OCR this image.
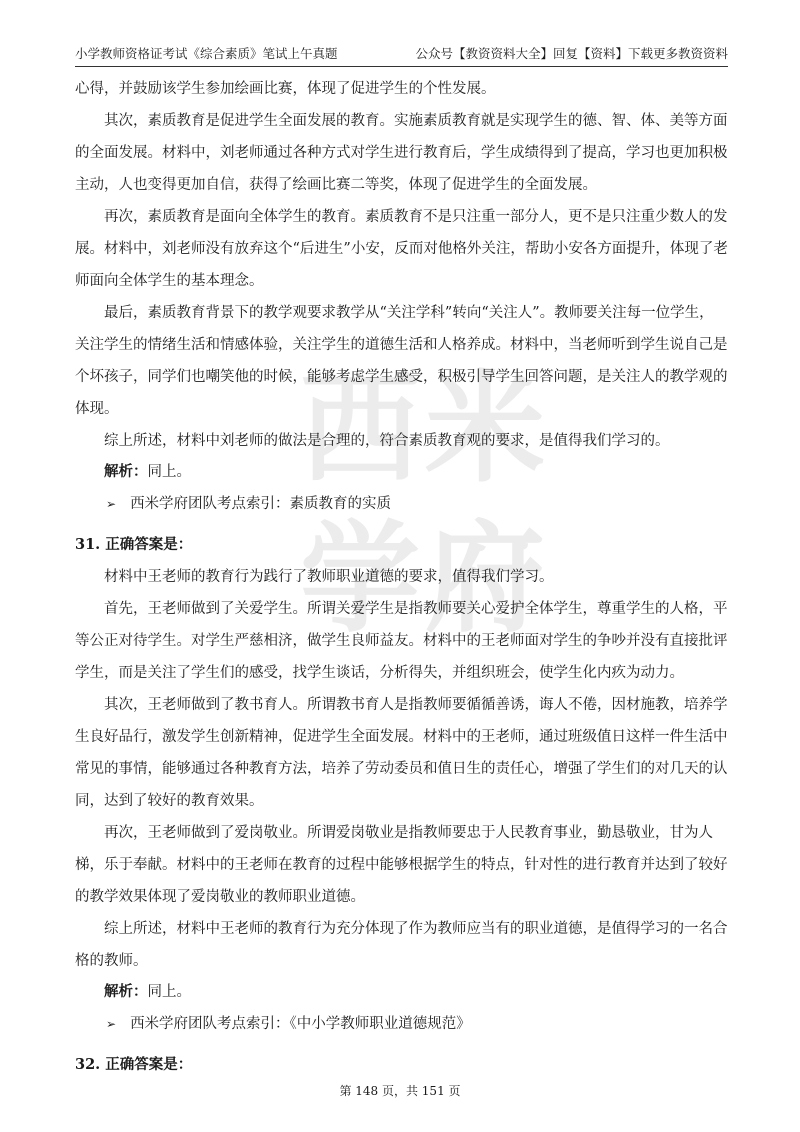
小学教师资格证考试《综合素质》笔试上午真题	公众号【教资资料大全】回复【资料】下载更多教资资料
西 米
学 府

心得，并鼓励该学生参加绘画比赛，体现了促进学生的个性发展。

其次，素质教育是促进学生全面发展的教育。实施素质教育就是实现学生的德、智、体、美等方面的全面发展。材料中，刘老师通过各种方式对学生进行教育后，学生成绩得到了提高，学习也更加积极主动，人也变得更加自信，获得了绘画比赛二等奖，体现了促进学生的全面发展。

再次，素质教育是面向全体学生的教育。素质教育不是只注重一部分人，更不是只注重少数人的发展。材料中，刘老师没有放弃这个“后进生”小安，反而对他格外关注，帮助小安各方面提升，体现了老师面向全体学生的基本理念。

最后，素质教育背景下的教学观要求教学从“关注学科”转向“关注人”。教师要关注每一位学生，关注学生的情绪生活和情感体验，关注学生的道德生活和人格养成。材料中，当老师听到学生说自己是个坏孩子，同学们也嘲笑他的时候，能够考虑学生感受，积极引导学生回答问题，是关注人的教学观的体现。

综上所述，材料中刘老师的做法是合理的，符合素质教育观的要求，是值得我们学习的。

解析：同上。

➢ 西米学府团队考点索引：素质教育的实质

31. 正确答案是：

材料中王老师的教育行为践行了教师职业道德的要求，值得我们学习。

首先，王老师做到了关爱学生。所谓关爱学生是指教师要关心爱护全体学生，尊重学生的人格，平等公正对待学生。对学生严慈相济，做学生良师益友。材料中的王老师面对学生的争吵并没有直接批评学生，而是关注了学生们的感受，找学生谈话，分析得失，并组织班会，使学生化内疚为动力。

其次，王老师做到了教书育人。所谓教书育人是指教师要循循善诱，诲人不倦，因材施教，培养学生良好品行，激发学生创新精神，促进学生全面发展。材料中的王老师，通过班级值日这样一件生活中常见的事情，能够通过各种教育方法，培养了劳动委员和值日生的责任心，增强了学生们的对几天的认同，达到了较好的教育效果。

再次，王老师做到了爱岗敬业。所谓爱岗敬业是指教师要忠于人民教育事业，勤恳敬业，甘为人梯，乐于奉献。材料中的王老师在教育的过程中能够根据学生的特点，针对性的进行教育并达到了较好的教学效果体现了爱岗敬业的教师职业道德。

综上所述，材料中王老师的教育行为充分体现了作为教师应当有的职业道德，是值得学习的一名合格的教师。

解析：同上。

➢ 西米学府团队考点索引：《中小学教师职业道德规范》

32. 正确答案是：

第 148 页，共 151 页
